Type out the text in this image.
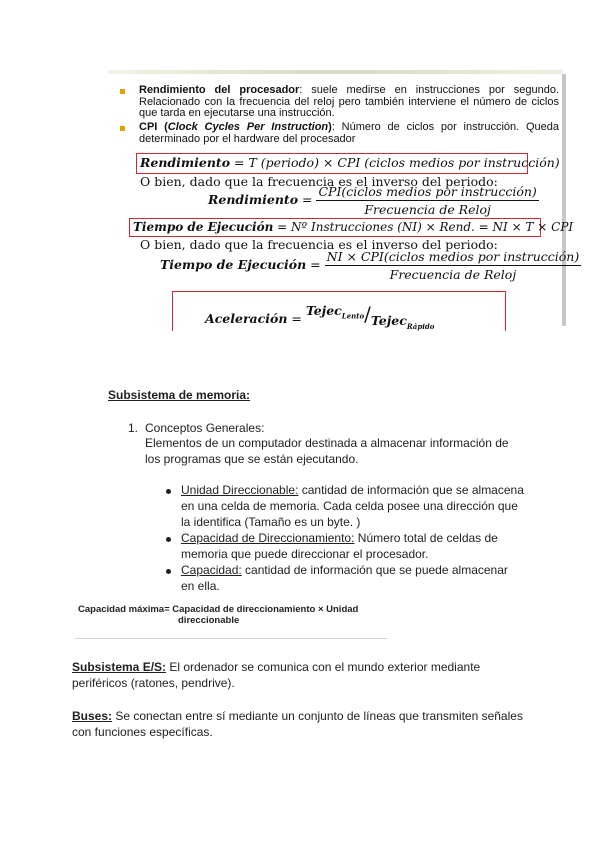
Rendimiento del procesador: suele medirse en instrucciones por segundo. Relacionado con la frecuencia del reloj pero también interviene el número de ciclos que tarda en ejecutarse una instrucción.
CPI (Clock Cycles Per Instruction): Número de ciclos por instrucción. Queda determinado por el hardware del procesador
Rendimiento = T (periodo) × CPI (ciclos medios por instrucción)
O bien, dado que la frecuencia es el inverso del periodo:
Rendimiento = $\frac{\text{CPI(ciclos medios por instrucción)}}{\text{Frecuencia de Reloj}}$
Tiempo de Ejecución = Nº Instrucciones (NI) × Rend. = NI × T × CPI
O bien, dado que la frecuencia es el inverso del periodo:
Tiempo de Ejecución = $\frac{\text{NI × CPI(ciclos medios por instrucción)}}{\text{Frecuencia de Reloj}}$
Aceleración = Tejec$_{Lento}$/Tejec$_{Rápido}$
Subsistema de memoria:
1. Conceptos Generales:
Elementos de un computador destinada a almacenar información de
los programas que se están ejecutando.
Unidad Direccionable: cantidad de información que se almacena
en una celda de memoria. Cada celda posee una dirección que
la identifica (Tamaño es un byte. )
Capacidad de Direccionamiento: Número total de celdas de
memoria que puede direccionar el procesador.
Capacidad: cantidad de información que se puede almacenar
en ella.
Capacidad máxima= Capacidad de direccionamiento × Unidad
direccionable
Subsistema E/S: El ordenador se comunica con el mundo exterior mediante
periféricos (ratones, pendrive).
Buses: Se conectan entre sí mediante un conjunto de líneas que transmiten señales
con funciones específicas.
